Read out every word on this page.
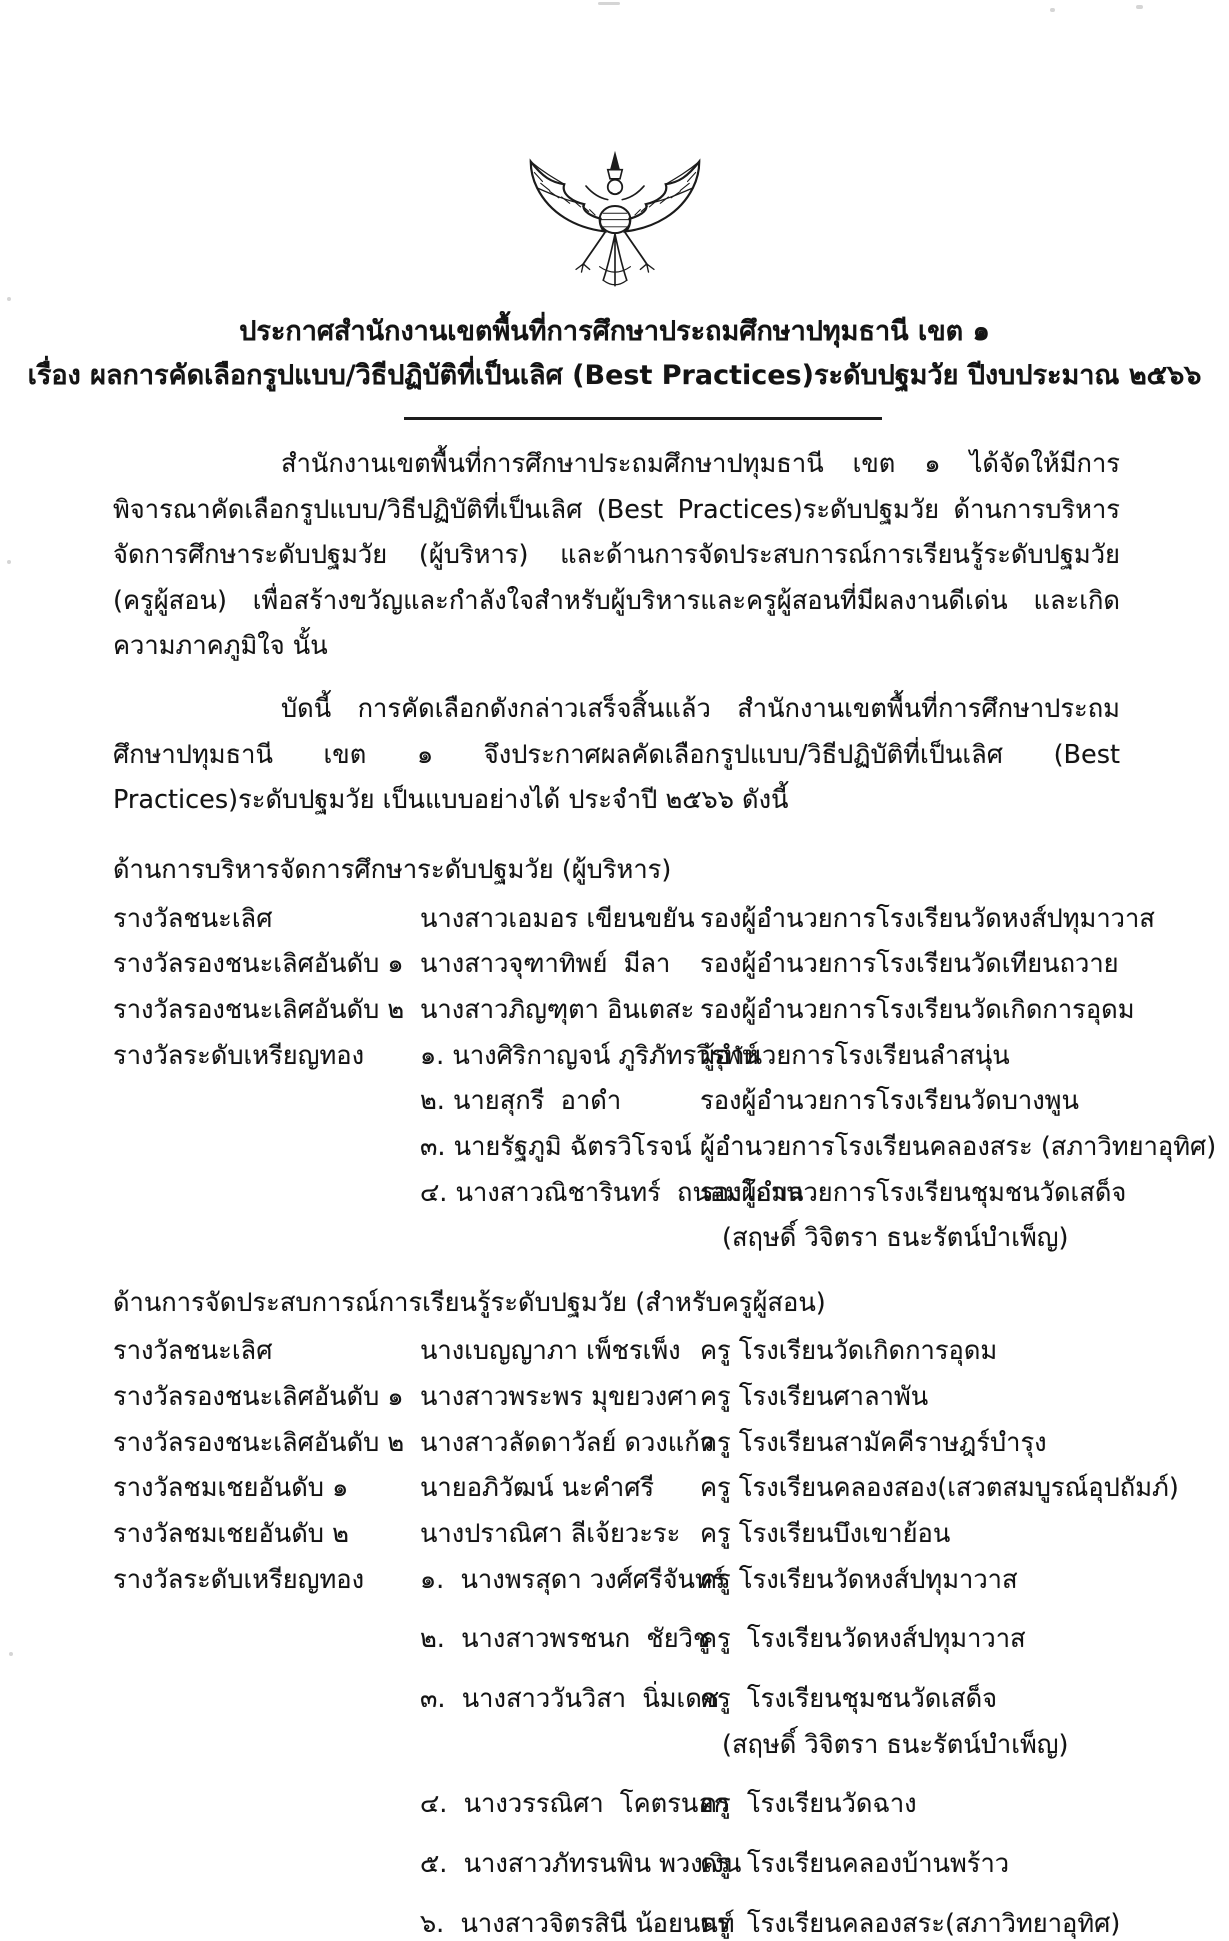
ประกาศสำนักงานเขตพื้นที่การศึกษาประถมศึกษาปทุมธานี เขต ๑
เรื่อง ผลการคัดเลือกรูปแบบ/วิธีปฏิบัติที่เป็นเลิศ (Best Practices)ระดับปฐมวัย ปีงบประมาณ ๒๕๖๖

สำนักงานเขตพื้นที่การศึกษาประถมศึกษาปทุมธานี เขต ๑ ได้จัดให้มีการพิจารณาคัดเลือกรูปแบบ/วิธีปฏิบัติที่เป็นเลิศ (Best Practices)ระดับปฐมวัย ด้านการบริหารจัดการศึกษาระดับปฐมวัย (ผู้บริหาร) และด้านการจัดประสบการณ์การเรียนรู้ระดับปฐมวัย (ครูผู้สอน) เพื่อสร้างขวัญและกำลังใจสำหรับผู้บริหารและครูผู้สอนที่มีผลงานดีเด่น และเกิดความภาคภูมิใจ นั้น

บัดนี้ การคัดเลือกดังกล่าวเสร็จสิ้นแล้ว สำนักงานเขตพื้นที่การศึกษาประถมศึกษาปทุมธานี เขต ๑ จึงประกาศผลคัดเลือกรูปแบบ/วิธีปฏิบัติที่เป็นเลิศ (Best Practices)ระดับปฐมวัย เป็นแบบอย่างได้ ประจำปี ๒๕๖๖ ดังนี้

ด้านการบริหารจัดการศึกษาระดับปฐมวัย (ผู้บริหาร)
รางวัลชนะเลิศ	นางสาวเอมอร เขียนขยัน รองผู้อำนวยการโรงเรียนวัดหงส์ปทุมาวาส
รางวัลรองชนะเลิศอันดับ ๑ นางสาวจุฑาทิพย์  มีลา	รองผู้อำนวยการโรงเรียนวัดเทียนถวาย
รางวัลรองชนะเลิศอันดับ ๒ นางสาวภิญฑุตา อินเตสะ รองผู้อำนวยการโรงเรียนวัดเกิดการอุดม
รางวัลระดับเหรียญทอง	๑. นางศิริกาญจน์ ภูริภัทรวิรุฬห์
ผู้อำนวยการโรงเรียนลำสนุ่น
๒. นายสุกรี  อาดำ	รองผู้อำนวยการโรงเรียนวัดบางพูน
๓. นายรัฐภูมิ ฉัตรวิโรจน์ ผู้อำนวยการโรงเรียนคลองสระ (สภาวิทยาอุทิศ)
๔. นางสาวณิชารินทร์  ถนอมโกมล
รองผู้อำนวยการโรงเรียนชุมชนวัดเสด็จ
(สฤษดิ์ วิจิตรา ธนะรัตน์บำเพ็ญ)
ด้านการจัดประสบการณ์การเรียนรู้ระดับปฐมวัย (สำหรับครูผู้สอน)
รางวัลชนะเลิศ	นางเบญญาภา เพ็ชรเพ็ง ครู โรงเรียนวัดเกิดการอุดม
รางวัลรองชนะเลิศอันดับ ๑ นางสาวพระพร มุขยวงศา ครู โรงเรียนศาลาพัน
รางวัลรองชนะเลิศอันดับ ๒ นางสาวลัดดาวัลย์ ดวงแก้ว
ครู โรงเรียนสามัคคีราษฎร์บำรุง
รางวัลชมเชยอันดับ ๑	นายอภิวัฒน์ นะคำศรี	ครู โรงเรียนคลองสอง(เสวตสมบูรณ์อุปถัมภ์)
รางวัลชมเชยอันดับ ๒	นางปราณิศา ลีเจ้ยวะระ ครู โรงเรียนบึงเขาย้อน
รางวัลระดับเหรียญทอง	๑.  นางพรสุดา วงศ์ศรีจันทร์
ครู โรงเรียนวัดหงส์ปทุมาวาส
๒.  นางสาวพรชนก  ชัยวิชู
ครู  โรงเรียนวัดหงส์ปทุมาวาส
๓.  นางสาววันวิสา  นิ่มเดช
ครู  โรงเรียนชุมชนวัดเสด็จ
(สฤษดิ์ วิจิตรา ธนะรัตน์บำเพ็ญ)
๔.  นางวรรณิศา  โคตรนอก
ครู  โรงเรียนวัดฉาง
๕.  นางสาวภัทรนพิน พวงเงิน
ครู  โรงเรียนคลองบ้านพร้าว
๖.  นางสาวจิตรสินี น้อยนนท์
ครู  โรงเรียนคลองสระ(สภาวิทยาอุทิศ)
